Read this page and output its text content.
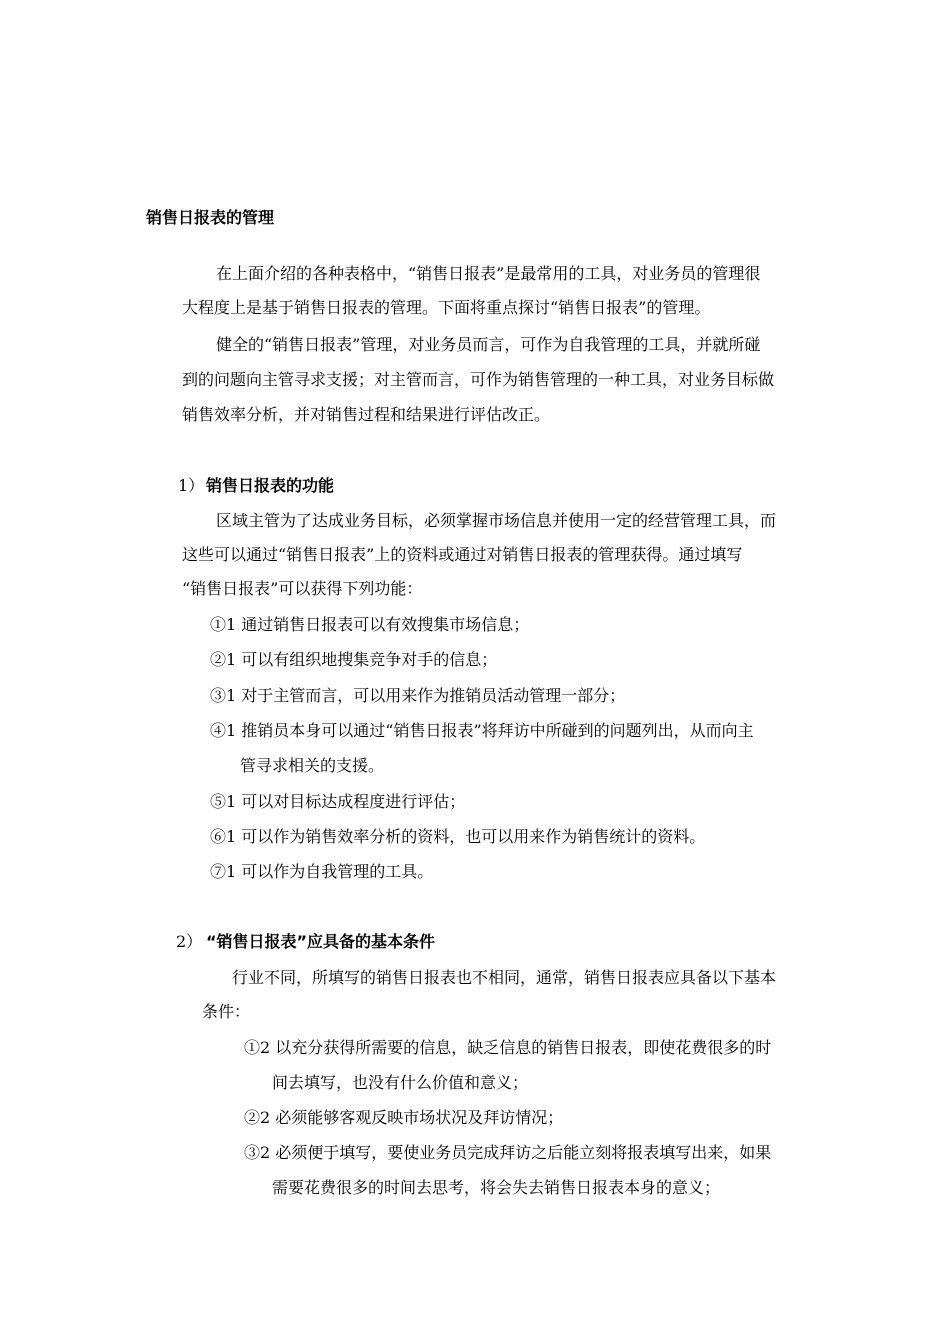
销售日报表的管理
在上面介绍的各种表格中，“销售日报表”是最常用的工具，对业务员的管理很
大程度上是基于销售日报表的管理。下面将重点探讨“销售日报表”的管理。
健全的“销售日报表”管理，对业务员而言，可作为自我管理的工具，并就所碰
到的问题向主管寻求支援；对主管而言，可作为销售管理的一种工具，对业务目标做
销售效率分析，并对销售过程和结果进行评估改正。
1） 销售日报表的功能
区域主管为了达成业务目标，必须掌握市场信息并使用一定的经营管理工具，而
这些可以通过“销售日报表”上的资料或通过对销售日报表的管理获得。通过填写
“销售日报表”可以获得下列功能：
①1 通过销售日报表可以有效搜集市场信息；
②1 可以有组织地搜集竞争对手的信息；
③1 对于主管而言，可以用来作为推销员活动管理一部分；
④1 推销员本身可以通过“销售日报表”将拜访中所碰到的问题列出，从而向主
管寻求相关的支援。
⑤1 可以对目标达成程度进行评估；
⑥1 可以作为销售效率分析的资料，也可以用来作为销售统计的资料。
⑦1 可以作为自我管理的工具。
2） “销售日报表”应具备的基本条件
行业不同，所填写的销售日报表也不相同，通常，销售日报表应具备以下基本
条件：
①2 以充分获得所需要的信息，缺乏信息的销售日报表，即使花费很多的时
间去填写，也没有什么价值和意义；
②2 必须能够客观反映市场状况及拜访情况；
③2 必须便于填写，要使业务员完成拜访之后能立刻将报表填写出来，如果
需要花费很多的时间去思考，将会失去销售日报表本身的意义；
